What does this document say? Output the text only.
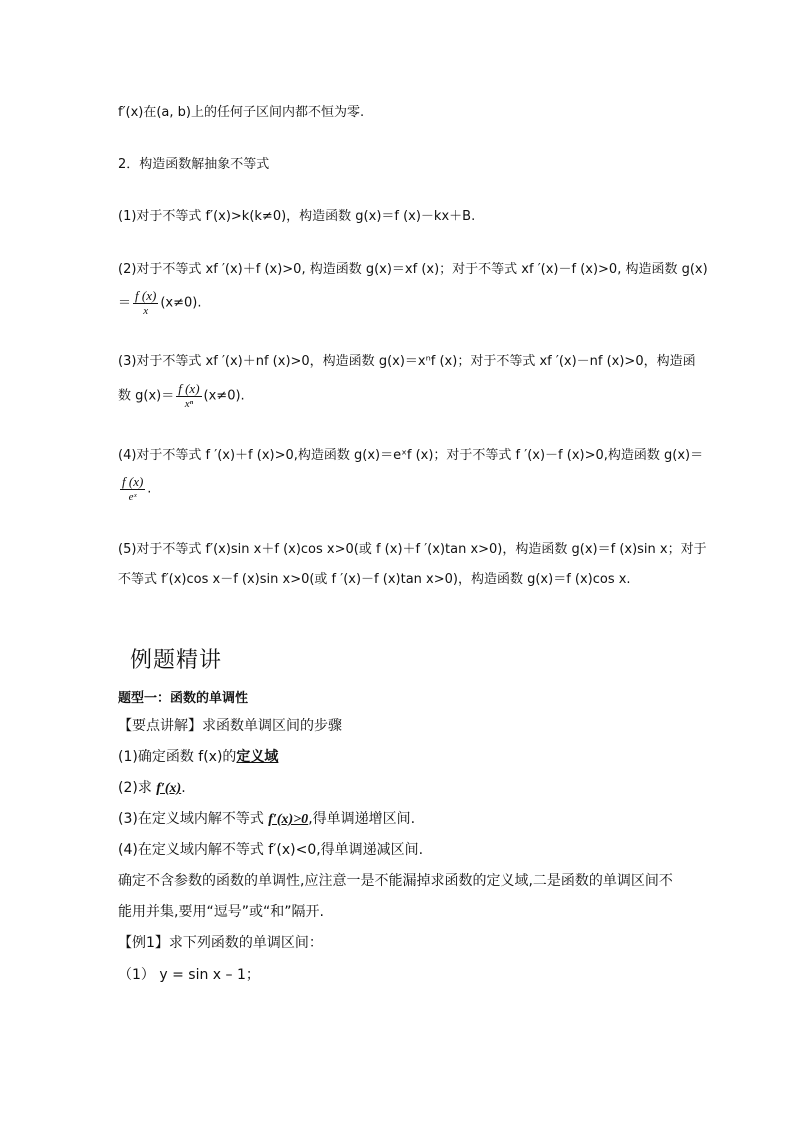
f′(x)在(a, b)上的任何子区间内都不恒为零.
2．构造函数解抽象不等式
(1)对于不等式 f′(x)>k(k≠0)，构造函数 g(x)＝f (x)－kx＋B.
(2)对于不等式 xf ′(x)＋f (x)>0, 构造函数 g(x)＝xf (x)；对于不等式 xf ′(x)－f (x)>0, 构造函数 g(x)
＝ $\frac{f (x)}{x} (x\ne 0)$.
(3)对于不等式 xf ′(x)＋nf (x)>0，构造函数 g(x)＝xⁿf (x)；对于不等式 xf ′(x)－nf (x)>0，构造函
数 $g(x)= \frac{f (x)}{\text{xⁿ}} (x\ne 0)$.
(4)对于不等式 f ′(x)＋f (x)>0,构造函数 g(x)＝eˣf (x)；对于不等式 f ′(x)－f (x)>0,构造函数 g(x)＝
$\frac{f (x)}{\text{eˣ}}$ .
(5)对于不等式 f′(x)sin x＋f (x)cos x>0(或 f (x)＋f ′(x)tan x>0)，构造函数 g(x)＝f (x)sin x；对于
不等式 f′(x)cos x－f (x)sin x>0(或 f ′(x)－f (x)tan x>0)，构造函数 g(x)＝f (x)cos x.
例题精讲
题型一：函数的单调性
【要点讲解】求函数单调区间的步骤
(1)确定函数 f(x)的定义域
(2)求 f′(x).
(3)在定义域内解不等式 f′(x)>0,得单调递增区间.
(4)在定义域内解不等式 f′(x)<0,得单调递减区间.
确定不含参数的函数的单调性,应注意一是不能漏掉求函数的定义域,二是函数的单调区间不
能用并集,要用“逗号”或“和”隔开.
【例1】求下列函数的单调区间：
（1） y = sin x – 1；
